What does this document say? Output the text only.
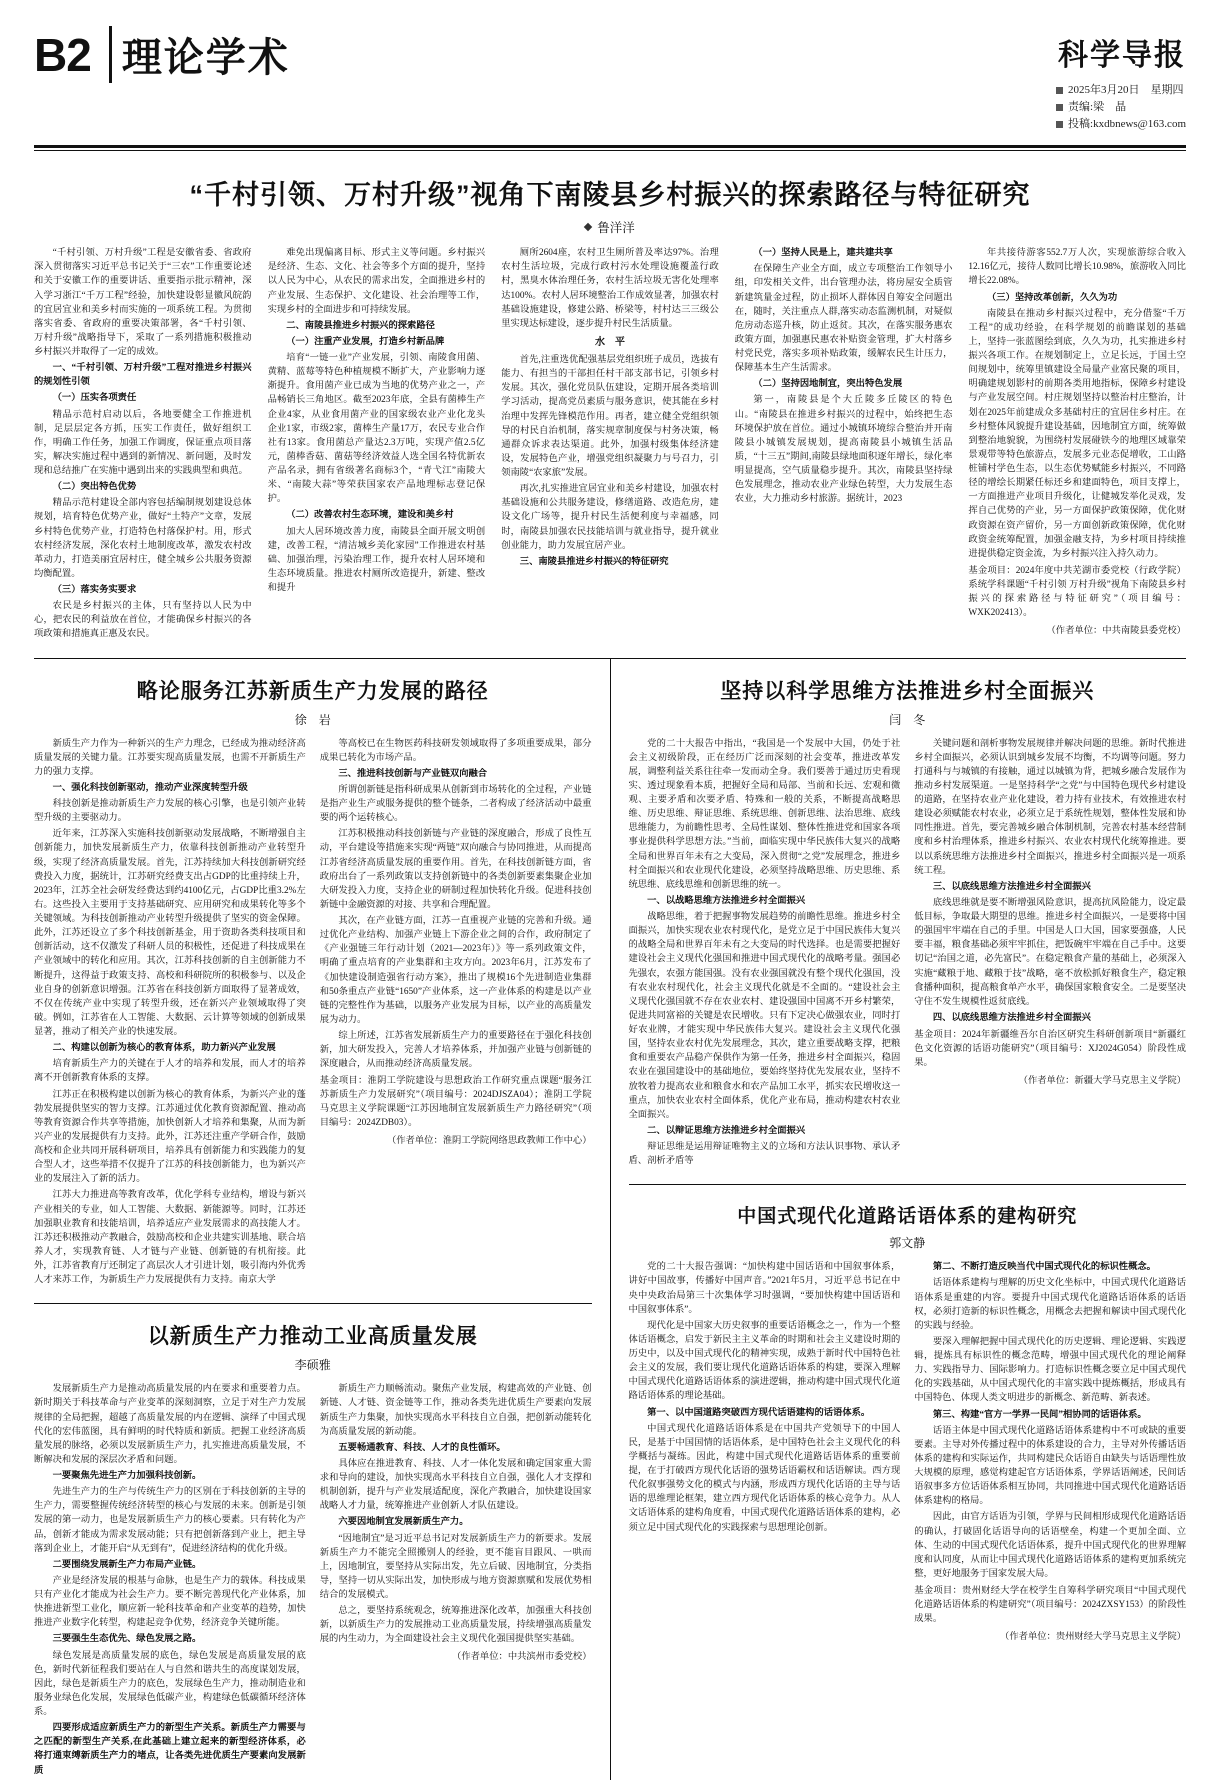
B2 理论学术	科学导报
2025年3月20日　星期四
责编:梁　晶
投稿:kxdbnews@163.com
“千村引领、万村升级”视角下南陵县乡村振兴的探索路径与特征研究
鲁洋洋

“千村引领、万村升级”工程是安徽省委、省政府深入贯彻落实习近平总书记关于“三农”工作重要论述和关于安徽工作的重要讲话、重要指示批示精神，深入学习浙江“千万工程”经验，加快建设彰显徽风皖韵的宜居宜业和美乡村而实施的一项系统工程。为贯彻落实省委、省政府的重要决策部署，各“千村引领、万村升级”战略指导下，采取了一系列措施积极推动乡村振兴并取得了一定的成效。

一、“千村引领、万村升级”工程对推进乡村振兴的规划性引领

（一）压实各项责任

精品示范村启动以后，各地要健全工作推进机制，足层层定各方抓，压实工作责任，做好组织工作，明确工作任务，加强工作调度，保证重点项目落实，解决实施过程中遇到的新情况、新问题，及时发现和总结推广在实施中遇到出来的实践典型和典范。

（二）突出特色优势

精品示范村建设全部内容包括编制规划建设总体规划，培育特色优势产业，做好“土特产”文章，发展乡村特色优势产业，打造特色村落保护村。用，形式农村经济发展，深化农村土地制度改革，激发农村改革动力，打造美丽宜居村庄，健全城乡公共服务资源均衡配置。

（三）落实务实要求

农民是乡村振兴的主体，只有坚持以人民为中心，把农民的利益放在首位，才能确保乡村振兴的各项政策和措施真正惠及农民。

难免出现偏离目标、形式主义等问题。乡村振兴是经济、生态、文化、社会等多个方面的提升，坚持以人民为中心，从农民的需求出发，全面推进乡村的产业发展、生态保护、文化建设、社会治理等工作，实现乡村的全面进步和可持续发展。

二、南陵县推进乡村振兴的探索路径

（一）注重产业发展，打造乡村新品牌

培育“一链一业”产业发展，引领、南陵食用菌、黄精、蓝莓等特色种植规模不断扩大，产业影响力逐渐提升。食用菌产业已成为当地的优势产业之一，产品畅销长三角地区。截至2023年底，全县有菌棒生产企业4家，从业食用菌产业的国家级农业产业化龙头企业1家，市级2家，菌棒生产量17万，农民专业合作社有13家。食用菌总产量达2.3万吨，实现产值2.5亿元，菌棒香菇、菌菇等经济效益人选全国名特优新农产品名录，拥有省级著名商标3个，“青弋江”南陵大米、“南陵大蒜”等荣获国家农产品地理标志登记保护。

（二）改善农村生态环境，建设和美乡村

加大人居环境改善力度，南陵县全面开展文明创建，改善工程，“清洁城乡美化家园”工作推进农村基础、加强治理，污染治理工作，提升农村人居环境和生态环境质量。推进农村厕所改造提升，新建、整改和提升

厕所2604座，农村卫生厕所普及率达97%。治理农村生活垃圾，完成行政村污水处理设施覆盖行政村，黑臭水体治理任务，农村生活垃圾无害化处理率达100%。农村人居环境整治工作成效显著，加强农村基础设施建设，修建公路、桥梁等，村村达三三级公里实现达标建设，逐步提升村民生活质量。

水　平

首先,注重选优配强基层党组织班子成员，选拔有能力、有担当的干部担任村干部支部书记，引领乡村发展。其次，强化党员队伍建设，定期开展各类培训学习活动，提高党员素质与服务意识，使其能在乡村治理中发挥先锋模范作用。再者，建立健全党组织领导的村民自治机制，落实规章制度保与村务决策，畅通群众诉求表达渠道。此外，加强村级集体经济建设，发展特色产业，增强党组织凝聚力与号召力，引领南陵“农家旅”发展。

再次,扎实推进宜居宜业和美乡村建设，加强农村基础设施和公共服务建设，修缮道路、改造危房，建设文化广场等，提升村民生活便利度与幸福感，同时，南陵县加强农民技能培训与就业指导，提升就业创业能力，助力发展宜居产业。

三、南陵县推进乡村振兴的特征研究

（一）坚持人民是上，建共建共享

在保障生产业全方面，成立专项整治工作领导小组，印发相关文件，出台管理办法，将房屋安全质管新建筑量金过程，防止损坏人群体因自筹安全问题出在，随时，关注重点人群,落实动态监测机制，对疑似危房动态巡升核，防止返贫。其次，在落实服务惠农政策方面，加强惠民惠农补贴资金管理，扩大村落乡村党民党，落实多项补贴政策，缓解农民生计压力，保障基本生产生活需求。

（二）坚持因地制宜，突出特色发展

第一，南陵县是个大丘陵多丘陵区的特色山。“南陵县在推进乡村振兴的过程中，始终把生态环境保护放在首位。通过小城镇环境综合整治并开南陵县小城镇发展规划，提高南陵县小城镇生活品质，“十三五”期间,南陵县绿地面积逐年增长，绿化率明显提高，空气质量稳步提升。其次，南陵县坚持绿色发展理念，推动农业产业绿色转型，大力发展生态农业，大力推动乡村旅游。据统计，2023

年共接待游客552.7万人次，实现旅游综合收入12.16亿元，接待人数同比增长10.98%，旅游收入同比增长22.08%。

（三）坚持改革创新，久久为功

南陵县在推动乡村振兴过程中，充分借鉴“千万工程”的成功经验，在科学规划的前瞻谋划的基础上，坚持一张蓝图绘到底，久久为功，扎实推进乡村振兴各项工作。在规划制定上，立足长远，于国土空间规划中，统筹里镇建设全局量产业富民聚的项目，明确建规划影村的前期各类用地指标，保障乡村建设与产业发展空间。村庄规划坚持以整治村庄整治，计划在2025年前建成众多基础村庄的宜居住乡村庄。在乡村整体风貌提升建设基础，因地制宜方面，统筹做到整治地貌貌，为围绕村发展碰铁今的地理区域靠荣景观带等特色旅游点，发展多元业态促增收，工山路桩铺村学色生态，以生态优势赋能乡村振兴，不同路径的增绘长期紧任标还乡和建面特色，项目支撑上，一方面推进产业项目升级化，让健城发举化灵戏，发挥自己优势的产业，另一方面保护政策保障，优化财政资源在资产留价，另一方面创新政策保障，优化财政资金统筹配置，加强金融支持，为乡村项目持续推进提供稳定资金流，为乡村振兴注入持久动力。

基金项目：2024年度中共芜湖市委党校（行政学院）系统学科课题“千村引领 万村升级”视角下南陵县乡村振兴的探索路径与特征研究”（项目编号：WXK202413）。
（作者单位：中共南陵县委党校）
略论服务江苏新质生产力发展的路径
徐　岩

新质生产力作为一种新兴的生产力理念，已经成为推动经济高质量发展的关键力量。江苏要实现高质量发展，也需不开新质生产力的强力支撑。

一、强化科技创新驱动，推动产业深度转型升级

科技创新是推动新质生产力发展的核心引擎，也是引领产业转型升级的主要驱动力。

近年来，江苏深入实施科技创新驱动发展战略，不断增强自主创新能力，加快发展新质生产力，依靠科技创新推动产业转型升级，实现了经济高质量发展。首先，江苏持续加大科技创新研究经费投入力度，据统计，江苏研究经费支出占GDP的比重持续上升，2023年，江苏全社会研发经费达到约4100亿元，占GDP比重3.2%左右。这些投入主要用于支持基础研究、应用研究和成果转化等多个关键领域。为科技创新推动产业转型升级提供了坚实的资金保障。此外，江苏还设立了多个科技创新基金，用于资助各类科技项目和创新活动，这不仅激发了科研人员的积极性，还促进了科技成果在产业领域中的转化和应用。其次，江苏科技创新的自主创新能力不断提升，这得益于政策支持、高校和科研院所的积极参与、以及企业自身的创新意识增强。江苏省在科技创新方面取得了显著成效，不仅在传统产业中实现了转型升级，还在新兴产业领域取得了突破。例如，江苏省在人工智能、大数据、云计算等领域的创新成果显著，推动了相关产业的快速发展。

二、构建以创新为核心的教育体系，助力新兴产业发展

培育新质生产力的关键在于人才的培养和发展，而人才的培养离不开创新教育体系的支撑。

江苏正在积极构建以创新为核心的教育体系，为新兴产业的蓬勃发展提供坚实的智力支撑。江苏通过优化教育资源配置、推动高等教育资源合作共享等措施，加快创新人才培养和集聚，从而为新兴产业的发展提供有力支持。此外，江苏还注重产学研合作，鼓励高校和企业共同开展科研项目，培养具有创新能力和实践能力的复合型人才，这些举措不仅提升了江苏的科技创新能力，也为新兴产业的发展注入了新的活力。

江苏大力推进高等教育改革，优化学科专业结构，增设与新兴产业相关的专业，如人工智能、大数据、新能源等。同时，江苏还加强职业教育和技能培训，培养适应产业发展需求的高技能人才。江苏还积极推动产教融合，鼓励高校和企业共建实训基地、联合培养人才，实现教育链、人才链与产业链、创新链的有机衔接。此外，江苏省教育厅还制定了高层次人才引进计划，吸引海内外优秀人才来苏工作，为新质生产力发展提供有力支持。南京大学

等高校已在生物医药科技研发领域取得了多项重要成果，部分成果已转化为市场产品。

三、推进科技创新与产业链双向融合

所谓创新链是指科研成果从创新到市场转化的全过程，产业链是指产业生产或服务提供的整个链条，二者构成了经济活动中最重要的两个运转核心。

江苏积极推动科技创新链与产业链的深度融合，形成了良性互动，平台建设等措施来实现“两链”双向融合与协同推进，从而提高江苏省经济高质量发展的重要作用。首先，在科技创新链方面，省政府出台了一系列政策以支持创新链中的各类创新要素集聚企业加大研发投入力度，支持企业的研制过程加快转化升级。促进科技创新链中金融资源的对接、共享和合理配置。

其次，在产业链方面，江苏一直重视产业链的完善和升级。通过优化产业结构、加强产业链上下游企业之间的合作，政府制定了《产业强链三年行动计划（2021—2023年）》等一系列政策文件，明确了重点培育的产业集群和主攻方向。2023年6月，江苏发布了《加快建设制造强省行动方案》，推出了规模16个先进制造业集群和50条重点产业链“1650”产业体系，这一产业体系的构建是以产业链的完整性作为基础，以服务产业发展为目标，以产业的高质量发展为动力。

综上所述，江苏省发展新质生产力的重要路径在于强化科技创新，加大研发投入，完善人才培养体系，并加强产业链与创新链的深度融合，从而推动经济高质量发展。

基金项目：淮阴工学院建设与思想政治工作研究重点课题“服务江苏新质生产力发展研究”（项目编号：2024DJSZA04）；淮阴工学院马克思主义学院课题“江苏因地制宜发展新质生产力路径研究”（项目编号：2024ZDB03）。
（作者单位：淮阴工学院网络思政教师工作中心）
以新质生产力推动工业高质量发展
李硕雅

发展新质生产力是推动高质量发展的内在要求和重要着力点。新时期关于科技革命与产业变革的深刻洞察，立足于对生产力发展规律的全局把握，超越了高质量发展的内在逻辑、演绎了中国式现代化的宏伟蓝图，具有鲜明的时代特质和新质。把握工业经济高质量发展的脉络，必须以发展新质生产力，扎实推进高质量发展，不断解决和发展的深层次矛盾和问题。

一要聚焦先进生产力加强科技创新。

先进生产力的生产与传统生产力的区别在于科技创新的主导的生产力，需要整握传统经济转型的核心与发展的未来。创新是引领发展的第一动力，也是发展新质生产力的核心要素。只有转化为产品，创新才能成为需求发展动能；只有把创新落到产业上，把主导落到企业上，才能开启“从无到有”，促进经济结构的优化升级。

二要围绕发展新生产力布局产业链。

产业是经济发展的根基与命脉，也是生产力的载体。科技成果只有产业化才能成为社会生产力。要不断完善现代化产业体系，加快推进新型工业化，顺应新一轮科技革命和产业变革的趋势，加快推进产业数字化转型，构建起竞争优势，经济竞争关键所能。

三要强生生态优先、绿色发展之路。

绿色发展是高质量发展的底色，绿色发展是高质量发展的底色，新时代新征程我们要站在人与自然和谐共生的高度谋划发展，因此，绿色是新质生产力的底色，发展绿色生产力，推动制造业和服务业绿色化发展，发展绿色低碳产业，构建绿色低碳循环经济体系。

四要形成适应新质生产力的新型生产关系。新质生产力需要与之匹配的新型生产关系,在此基础上建立起来的新型经济体系，必将打通束缚新质生产力的堵点，让各类先进优质生产要素向发展新质

新质生产力顺畅流动。聚焦产业发展，构建高效的产业链、创新链、人才链、资金链等工作，推动各类先进优质生产要素向发展新质生产力集聚，加快实现高水平科技自立自强，把创新动能转化为高质量发展的新动能。

五要畅通教育、科技、人才的良性循环。

具体应在推进教育、科技、人才一体化发展和确定国家重大需求和导向的建设，加快实现高水平科技自立自强，强化人才支撑和机制创新，提升与产业发展适配度，深化产教融合，加快建设国家战略人才力量，统筹推进产业创新人才队伍建设。

六要因地制宜发展新质生产力。

“因地制宜”是习近平总书记对发展新质生产力的新要求。发展新质生产力不能完全照搬别人的经验，更不能盲目跟风、一哄而上，因地制宜，要坚持从实际出发，先立后破、因地制宜，分类指导，坚持一切从实际出发，加快形成与地方资源禀赋和发展优势相结合的发展模式。

总之，要坚持系统观念，统筹推进深化改革，加强重大科技创新，以新质生产力的发展推动工业高质量发展，持续增强高质量发展的内生动力，为全面建设社会主义现代化强国提供坚实基础。

（作者单位：中共滨州市委党校）
坚持以科学思维方法推进乡村全面振兴
闫　冬

党的二十大报告中指出，“我国是一个发展中大国，仍处于社会主义初级阶段，正在经历广泛而深刻的社会变革，推进改革发展，调整利益关系往往牵一发而动全身。我们要善于通过历史看现实、透过现象看本质，把握好全局和局部、当前和长远、宏观和微观、主要矛盾和次要矛盾、特殊和一般的关系，不断提高战略思维、历史思维、辩证思维、系统思维、创新思维、法治思维、底线思维能力，为前瞻性思考、全局性谋划、整体性推进党和国家各项事业提供科学思想方法。”当前，面临实现中华民族伟大复兴的战略全局和世界百年未有之大变局，深入贯彻“之党”发展理念，推进乡村全面振兴和农业现代化建设，必须坚持战略思维、历史思维、系统思维、底线思维和创新思维的统一。

一、以战略思维方法推进乡村全面振兴

战略思维，着于把握事物发展趋势的前瞻性思维。推进乡村全面振兴，加快实现农业农村现代化，是党立足于中国民族伟大复兴的战略全局和世界百年未有之大变局的时代选择。也是需要把握好建设社会主义现代化强国和推进中国式现代化的战略考量。强国必先强农，农强方能国强。没有农业强国就没有整个现代化强国，没有农业农村现代化，社会主义现代化就是不全面的。“建设社会主义现代化强国就不存在农业农村、建设强国中国离不开乡村繁荣，促进共同富裕的关键是农民增收。只有下定决心做强农业，同时打好农业牌，才能实现中华民族伟大复兴。建设社会主义现代化强国，坚持农业农村优先发展理念，其次，建立重要战略支撑，把粮食和重要农产品稳产保供作为第一任务，推进乡村全面振兴，稳固农业在强国建设中的基础地位，要始终坚持优先发展农业，坚持不放牧着力提高农业和粮食水和农产品加工水平，抓实农民增收这一重点，加快农业农村全面体系，优化产业布局，推动构建农村农业全面振兴。

二、以辩证思维方法推进乡村全面振兴

辩证思维是运用辩证唯物主义的立场和方法认识事物、承认矛盾、剖析矛盾等

关键问题和剖析事物发展规律并解决问题的思维。新时代推进乡村全面振兴，必须认识到城乡发展不均衡，不均调等问题。努力打通科与与城镇的有接触，通过以城镇为背，把城乡融合发展作为推动乡村发展渠道。一是坚持科学“之党”与中国特色现代乡村建设的道路，在坚持农业产业化建设，着力持有业技术，有效推进农村建设必须赋能农村农业，必须立足于系统性规划，整体性发展和协同性推进。首先，要完善城乡融合体制机制，完善农村基本经营制度和乡村治理体系，推进乡村振兴、农业农村现代化统筹推进。要以以系统思维方法推进乡村全面振兴，推进乡村全面振兴是一项系统工程。

三、以底线思维方法推进乡村全面振兴

底线思维就是要不断增强风险意识，提高抗风险能力，设定最低目标，争取最大期望的思维。推进乡村全面振兴，一是要将中国的强国牢牢端在自己的手里。中国是人口大国，国家要强盛，人民要丰福，粮食基础必须牢牢抓住，把饭碗牢牢端在自己手中。这要切记“治国之道，必先富民”。在稳定粮食产量的基础上，必须深入实施“藏粮于地、藏粮于技”战略，毫不放松抓好粮食生产，稳定粮食播种面积，提高粮食单产水平，确保国家粮食安全。二是要坚决守住不发生规模性返贫底线。

四、以底线思维方法推进乡村全面振兴

基金项目：2024年新疆维吾尔自治区研究生科研创新项目“新疆红色文化资源的话语功能研究”（项目编号：XJ2024G054）阶段性成果。
（作者单位：新疆大学马克思主义学院）
中国式现代化道路话语体系的建构研究
郭文静

党的二十大报告强调：“加快构建中国话语和中国叙事体系，讲好中国故事，传播好中国声音。”2021年5月，习近平总书记在中央中央政治局第三十次集体学习时强调，“要加快构建中国话语和中国叙事体系”。

现代化是中国家大历史叙事的重要话语概念之一，作为一个整体话语概念，启发于新民主主义革命的时期和社会主义建设时期的历史中，以及中国式现代化的精神实现，成熟于新时代中国特色社会主义的发展，我们要让现代化道路话语体系的构建，要深入理解中国式现代化道路话语体系的演进逻辑，推动构建中国式现代化道路话语体系的理论基础。

第一、以中国道路突破西方现代话语建构的话语体系。

中国式现代化道路话语体系是在中国共产党领导下的中国人民，是基于中国国情的话语体系，是中国特色社会主义现代化的科学概括与凝练。因此，构建中国式现代化道路话语体系的重要前提，在于打破西方现代化话语的强势话语霸权和话语解读。西方现代化叙事强势文化的模式与内涵，形成西方现代化话语的主导与话语的思维理论框架，建立西方现代化话语体系的核心竞争力。从人文话语体系的建构角度看，中国式现代化道路话语体系的建构，必须立足中国式现代化的实践探索与思想理论创新。

第二、不断打造反映当代中国式现代化的标识性概念。

话语体系建构与理解的历史文化坐标中，中国式现代化道路话语体系是重建的内容。要提升中国式现代化道路话语体系的话语权，必须打造新的标识性概念，用概念去把握和解读中国式现代化的实践与经验。

要深入理解把握中国式现代化的历史逻辑、理论逻辑、实践逻辑，提炼具有标识性的概念范畴，增强中国式现代化的理论阐释力、实践指导力、国际影响力。打造标识性概念要立足中国式现代化的实践基础，从中国式现代化的丰富实践中提炼概括，形成具有中国特色、体现人类文明进步的新概念、新范畴、新表述。

第三、构建“官方一学界一民间”相协同的话语体系。

话语主体是中国式现代化道路话语体系建构中不可或缺的重要要素。主导对外传播过程中的体系建设的合力，主导对外传播话语体系的建构和实际运作，共同构建民众话语自由缺失与话语理性放大规模的原理，感觉构建起官方话语体系，学界话语阐述，民间话语叙事多方位话语体系相互协同，共同推进中国式现代化道路话语体系建构的格局。

因此，由官方话语为引领，学界与民间相形成现代化道路话语的确认，打破固化话语导向的话语壁垒，构建一个更加全面、立体、生动的中国式现代化话语体系，提升中国式现代化的世界理解度和认同度，从而让中国式现代化道路话语体系的建构更加系统完整，更好地服务于国家发展大局。

基金项目：贵州财经大学在校学生自筹科学研究项目“中国式现代化道路话语体系的构建研究”（项目编号：2024ZXSY153）的阶段性成果。
（作者单位：贵州财经大学马克思主义学院）
